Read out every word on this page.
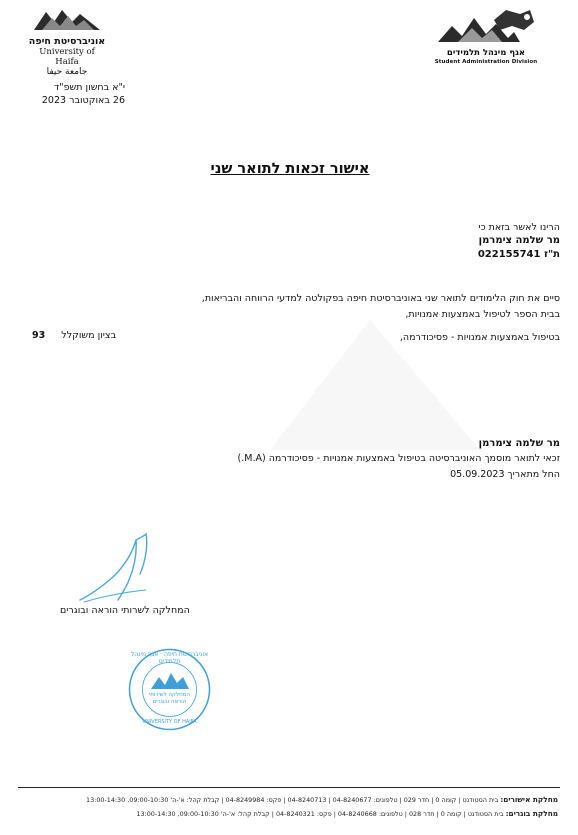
אוניברסיטת חיפה
University of Haifa
جامعة حيفا
אגף מינהל תלמידים
Student Administration Division
י"א בחשון תשפ"ד
26 באוקטובר 2023
אישור זכאות לתואר שני
הרינו לאשר בזאת כי
מר שלמה צימרמן
ת"ז 022155741
סיים את חוק הלימודים לתואר שני באוניברסיטת חיפה בפקולטה למדעי הרווחה והבריאות,
בבית הספר לטיפול באמצעות אמנויות,
בטיפול באמצעות אמנויות - פסיכודרמה,
בציון משוקלל  93
מר שלמה צימרמן
זכאי לתואר מוסמך האוניברסיטה בטיפול באמצעות אמנויות - פסיכודרמה (M.A.)
החל מתאריך 05.09.2023
המחלקה לשרותי הוראה ובוגרים
אוניברסיטת חיפה · אגף מינהל תלמידים
המחלקה לשירותי
הוראה ובוגרים
UNIVERSITY OF HAIFA
מחלקת אישורים: בית הסטודנט | קומה 0 | חדר 029 | טלפונים: 04-8240677 | 04-8240713 | פקס: 04-8249984 | קבלת קהל: א'-ה' 09:00-10:30, 13:00-14:30
מחלקת בוגרים: בית הסטודנט | קומה 0 | חדר 028 | טלפונים: 04-8240668 | פקס: 04-8240321 | קבלת קהל: א'-ה' 09:00-10:30, 13:00-14:30
